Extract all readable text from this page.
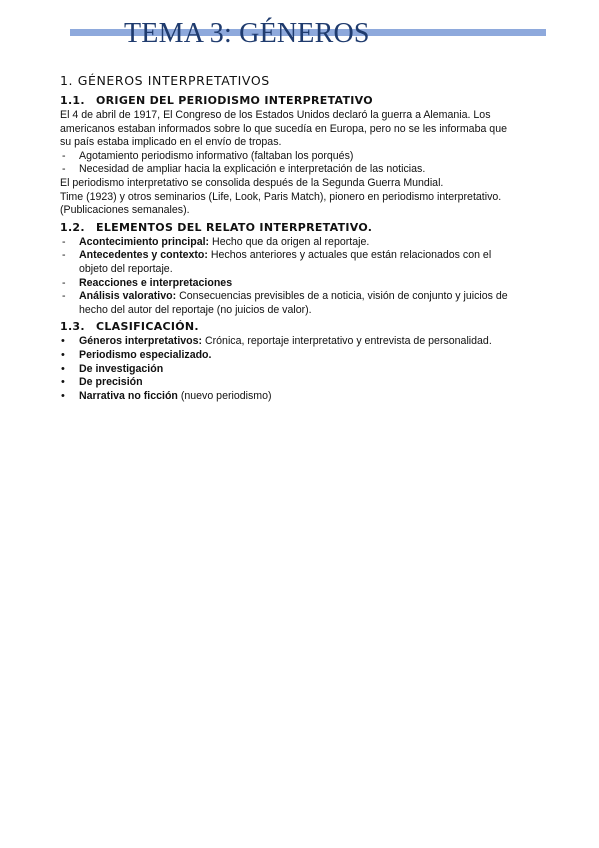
TEMA 3: GÉNEROS
1. GÉNEROS INTERPRETATIVOS
1.1. ORIGEN DEL PERIODISMO INTERPRETATIVO

El 4 de abril de 1917, El Congreso de los Estados Unidos declaró la guerra a Alemania. Los americanos estaban informados sobre lo que sucedía en Europa, pero no se les informaba que su país estaba implicado en el envío de tropas.

- Agotamiento periodismo informativo (faltaban los porqués)
- Necesidad de ampliar hacia la explicación e interpretación de las noticias.

El periodismo interpretativo se consolida después de la Segunda Guerra Mundial.

Time (1923) y otros seminarios (Life, Look, Paris Match), pionero en periodismo interpretativo. (Publicaciones semanales).

1.2. ELEMENTOS DEL RELATO INTERPRETATIVO.
- Acontecimiento principal: Hecho que da origen al reportaje.
- Antecedentes y contexto: Hechos anteriores y actuales que están relacionados con el objeto del reportaje.
- Reacciones e interpretaciones
- Análisis valorativo: Consecuencias previsibles de a noticia, visión de conjunto y juicios de hecho del autor del reportaje (no juicios de valor).
1.3. CLASIFICACIÓN.
• Géneros interpretativos: Crónica, reportaje interpretativo y entrevista de personalidad.
• Periodismo especializado.
• De investigación
• De precisión
• Narrativa no ficción (nuevo periodismo)
